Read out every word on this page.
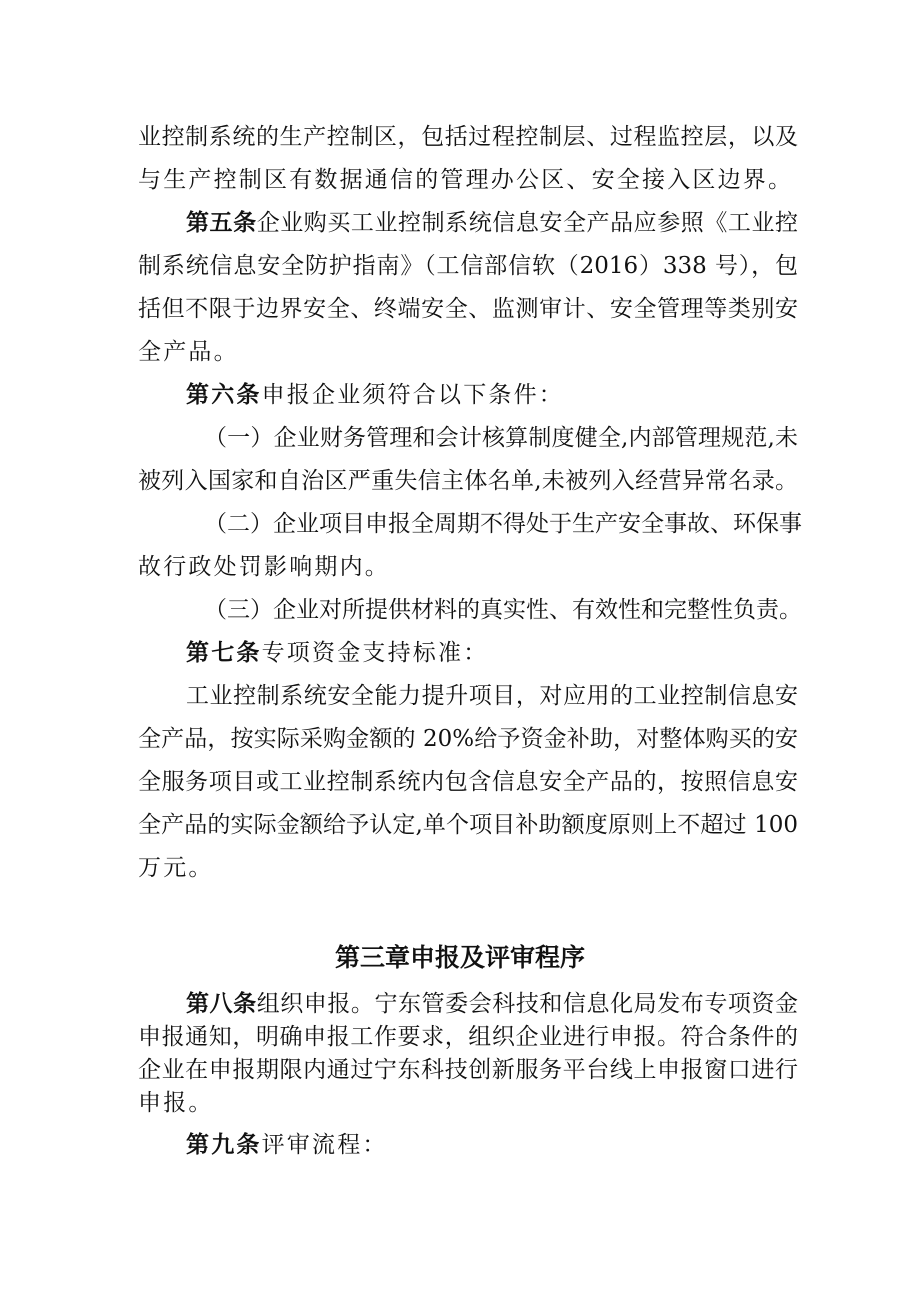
业控制系统的生产控制区，包括过程控制层、过程监控层，以及
与生产控制区有数据通信的管理办公区、安全接入区边界。
第五条企业购买工业控制系统信息安全产品应参照《工业控
制系统信息安全防护指南》（工信部信软（2016）338 号），包
括但不限于边界安全、终端安全、监测审计、安全管理等类别安
全产品。
第六条申报企业须符合以下条件：
（一）企业财务管理和会计核算制度健全,内部管理规范,未
被列入国家和自治区严重失信主体名单,未被列入经营异常名录。
（二）企业项目申报全周期不得处于生产安全事故、环保事
故行政处罚影响期内。
（三）企业对所提供材料的真实性、有效性和完整性负责。
第七条专项资金支持标准：
工业控制系统安全能力提升项目，对应用的工业控制信息安
全产品，按实际采购金额的 20%给予资金补助，对整体购买的安
全服务项目或工业控制系统内包含信息安全产品的，按照信息安
全产品的实际金额给予认定,单个项目补助额度原则上不超过 100
万元。
第三章申报及评审程序
第八条组织申报。宁东管委会科技和信息化局发布专项资金
申报通知，明确申报工作要求，组织企业进行申报。符合条件的
企业在申报期限内通过宁东科技创新服务平台线上申报窗口进行
申报。
第九条评审流程：
